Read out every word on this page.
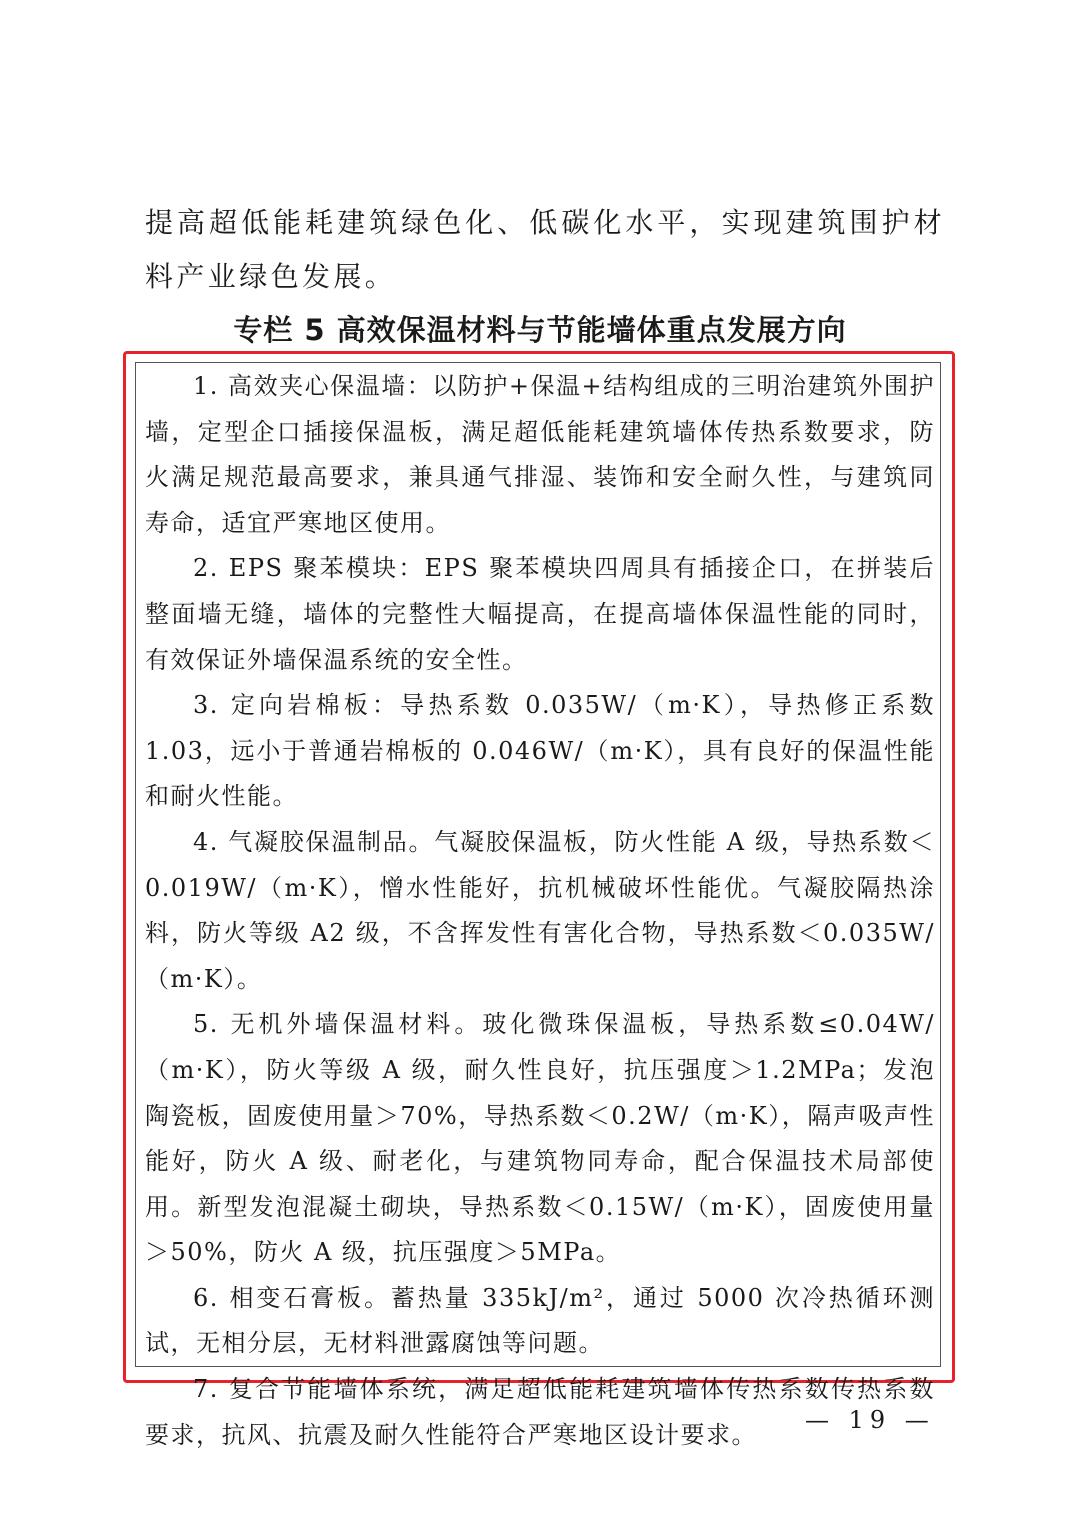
提高超低能耗建筑绿色化、低碳化水平，实现建筑围护材料产业绿色发展。

专栏 5 高效保温材料与节能墙体重点发展方向

1. 高效夹心保温墙：以防护+保温+结构组成的三明治建筑外围护墙，定型企口插接保温板，满足超低能耗建筑墙体传热系数要求，防火满足规范最高要求，兼具通气排湿、装饰和安全耐久性，与建筑同寿命，适宜严寒地区使用。

2. EPS 聚苯模块：EPS 聚苯模块四周具有插接企口，在拼装后整面墙无缝，墙体的完整性大幅提高，在提高墙体保温性能的同时，有效保证外墙保温系统的安全性。

3. 定向岩棉板：导热系数 0.035W/（m·K），导热修正系数 1.03，远小于普通岩棉板的 0.046W/（m·K），具有良好的保温性能和耐火性能。

4. 气凝胶保温制品。气凝胶保温板，防火性能 A 级，导热系数＜0.019W/（m·K），憎水性能好，抗机械破坏性能优。气凝胶隔热涂料，防火等级 A2 级，不含挥发性有害化合物，导热系数＜0.035W/（m·K）。

5. 无机外墙保温材料。玻化微珠保温板，导热系数≤0.04W/（m·K），防火等级 A 级，耐久性良好，抗压强度＞1.2MPa；发泡陶瓷板，固废使用量＞70%，导热系数＜0.2W/（m·K），隔声吸声性能好，防火 A 级、耐老化，与建筑物同寿命，配合保温技术局部使用。新型发泡混凝土砌块，导热系数＜0.15W/（m·K），固废使用量＞50%，防火 A 级，抗压强度＞5MPa。

6. 相变石膏板。蓄热量 335kJ/m²，通过 5000 次冷热循环测试，无相分层，无材料泄露腐蚀等问题。

7. 复合节能墙体系统，满足超低能耗建筑墙体传热系数传热系数要求，抗风、抗震及耐久性能符合严寒地区设计要求。

— 19 —
